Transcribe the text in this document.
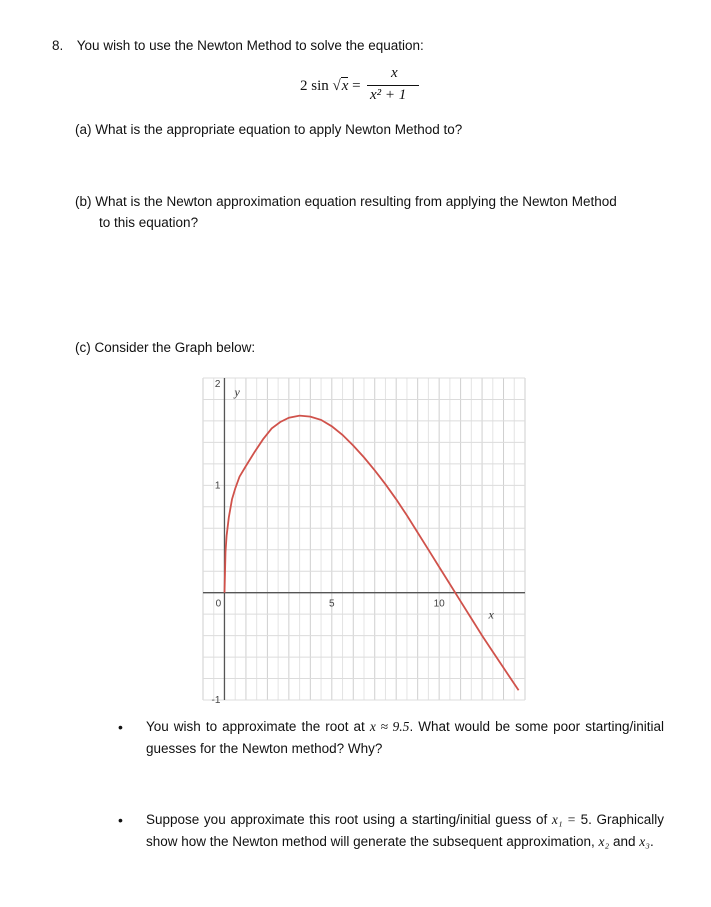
8. You wish to use the Newton Method to solve the equation:
2 sin √x =
x
x² + 1
(a) What is the appropriate equation to apply Newton Method to?
(b) What is the Newton approximation equation resulting from applying the Newton Method
to this equation?
(c) Consider the Graph below:
0	5	10
2
1
-1
x
y
• You wish to approximate the root at x ≈ 9.5. What would be some poor starting/initial guesses for the Newton method? Why?
• Suppose you approximate this root using a starting/initial guess of x₁ = 5. Graphically show how the Newton method will generate the subsequent approximation, x₂ and x₃.
